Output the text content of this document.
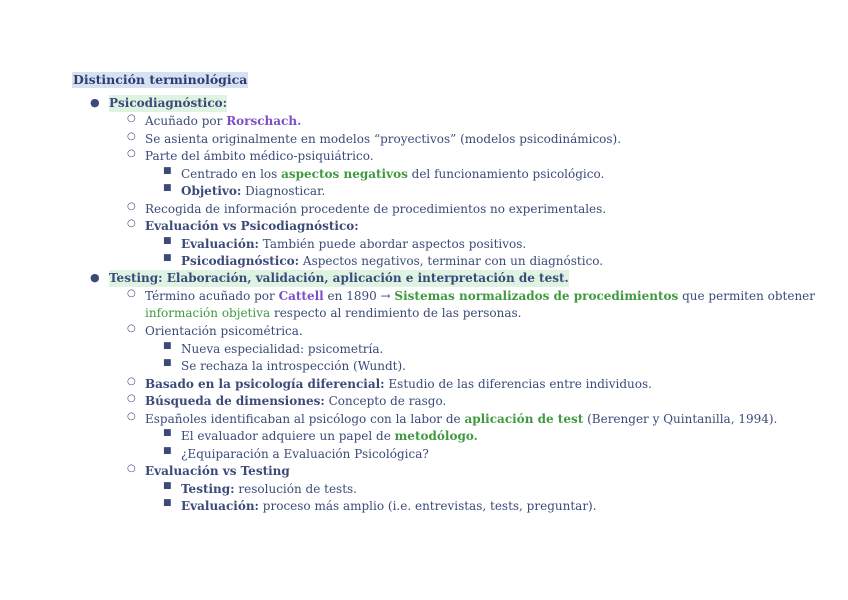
Distinción terminológica
● Psicodiagnóstico:
○ Acuñado por Rorschach.
○ Se asienta originalmente en modelos “proyectivos” (modelos psicodinámicos).
○ Parte del ámbito médico-psiquiátrico.
■ Centrado en los aspectos negativos del funcionamiento psicológico.
■ Objetivo: Diagnosticar.
○ Recogida de información procedente de procedimientos no experimentales.
○ Evaluación vs Psicodiagnóstico:
■ Evaluación: También puede abordar aspectos positivos.
■ Psicodiagnóstico: Aspectos negativos, terminar con un diagnóstico.
● Testing: Elaboración, validación, aplicación e interpretación de test.
○ Término acuñado por Cattell en 1890 → Sistemas normalizados de procedimientos que permiten obtener
información objetiva respecto al rendimiento de las personas.
○ Orientación psicométrica.
■ Nueva especialidad: psicometría.
■ Se rechaza la introspección (Wundt).
○ Basado en la psicología diferencial: Estudio de las diferencias entre individuos.
○ Búsqueda de dimensiones: Concepto de rasgo.
○ Españoles identificaban al psicólogo con la labor de aplicación de test (Berenger y Quintanilla, 1994).
■ El evaluador adquiere un papel de metodólogo.
■ ¿Equiparación a Evaluación Psicológica?
○ Evaluación vs Testing
■ Testing: resolución de tests.
■ Evaluación: proceso más amplio (i.e. entrevistas, tests, preguntar).
